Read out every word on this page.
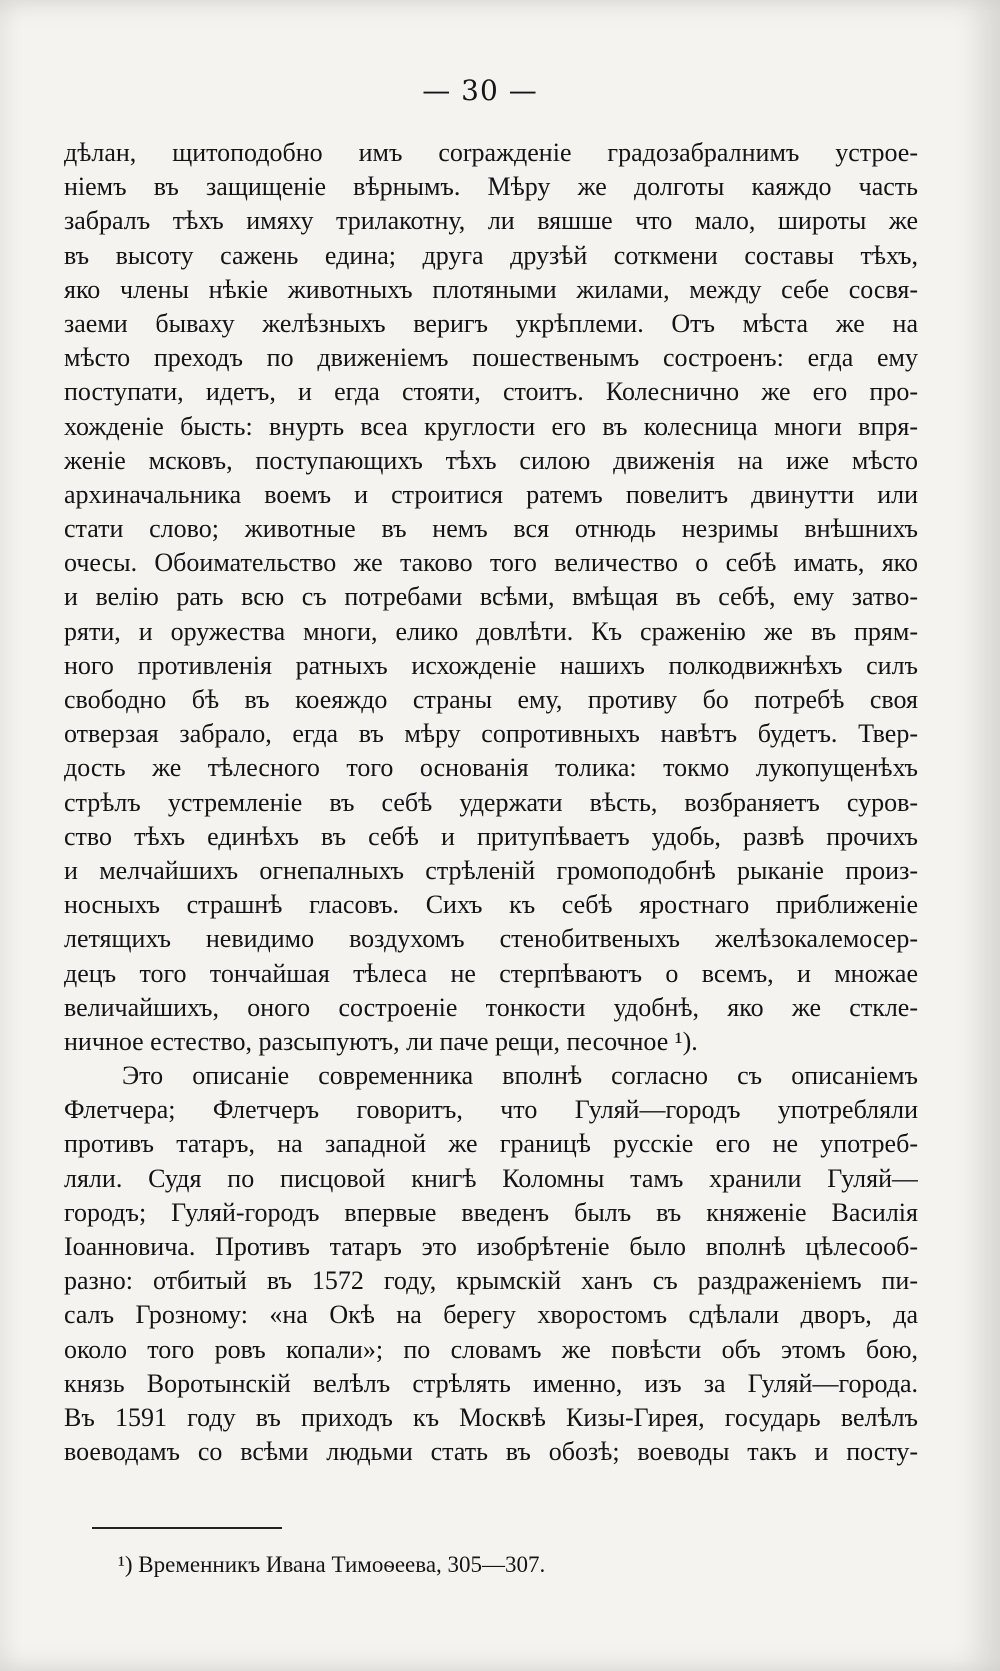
— 30 —
дѣлан, щитоподобно имъ соrражденіе градозабралнимъ устрое-
ніемъ въ защищеніе вѣрнымъ. Мѣру же долготы каяждо часть
забралъ тѣхъ имяху трилакотну, ли вяшше что мало, широты же
въ высоту сажень едина; друга друзѣй соткмени составы тѣхъ,
яко члены нѣкіе животныхъ плотяными жилами, между себе сосвя-
заеми бываху желѣзныхъ веригъ укрѣплеми. Отъ мѣста же на
мѣсто преходъ по движеніемъ пошественымъ состроенъ: егда ему
поступати, идетъ, и егда стояти, стоитъ. Колеснично же его про-
хожденіе бысть: внурть всеа круглости его въ колесница многи впря-
женіе мсковъ, поступающихъ тѣхъ силою движенія на иже мѣсто
архиначальника воемъ и строитися ратемъ повелитъ двинутти или
стати слово; животные въ немъ вся отнюдь незримы внѣшнихъ
очесы. Обоимательство же таково того величество о себѣ имать, яко
и велію рать всю съ потребами всѣми, вмѣщая въ себѣ, ему затво-
ряти, и оружества многи, елико довлѣти. Къ сраженію же въ прям-
ного противленія ратныхъ исхожденіе нашихъ полкодвижнѣхъ силъ
свободно бѣ въ коеяждо страны ему, противу бо потребѣ своя
отверзая забрало, егда въ мѣру сопротивныхъ навѣтъ будетъ. Твер-
дость же тѣлесного того основанія толика: токмо лукопущенѣхъ
стрѣлъ устремленіе въ себѣ удержати вѣсть, возбраняетъ суров-
ство тѣхъ единѣхъ въ себѣ и притупѣваетъ удобь, развѣ прочихъ
и мелчайшихъ огнепалныхъ стрѣленій громоподобнѣ рыканіе произ-
носныхъ страшнѣ гласовъ. Сихъ къ себѣ яростнаго приближеніе
летящихъ невидимо воздухомъ стенобитвеныхъ желѣзокалемосер-
децъ того тончайшая тѣлеса не стерпѣваютъ о всемъ, и множае
величайшихъ, оного состроеніе тонкости удобнѣ, яко же сткле-
ничное естество, разсыпуютъ, ли паче рещи, песочное ¹).
Это описаніе современника вполнѣ согласно съ описаніемъ
Флетчера; Флетчеръ говоритъ, что Гуляй—городъ употребляли
противъ татаръ, на западной же границѣ русскіе его не употреб-
ляли. Судя по писцовой книгѣ Коломны тамъ хранили Гуляй—
городъ; Гуляй-городъ впервые введенъ былъ въ княженіе Василія
Іоанновича. Противъ татаръ это изобрѣтеніе было вполнѣ цѣлесооб-
разно: отбитый въ 1572 году, крымскій ханъ съ раздраженіемъ пи-
салъ Грозному: «на Окѣ на берегу хворостомъ сдѣлали дворъ, да
около того ровъ копали»; по словамъ же повѣсти объ этомъ бою,
князь Воротынскій велѣлъ стрѣлять именно, изъ за Гуляй—города.
Въ 1591 году въ приходъ къ Москвѣ Кизы-Гирея, государь велѣлъ
воеводамъ со всѣми людьми стать въ обозѣ; воеводы такъ и посту-
¹) Временникъ Ивана Тимоѳеева, 305—307.
